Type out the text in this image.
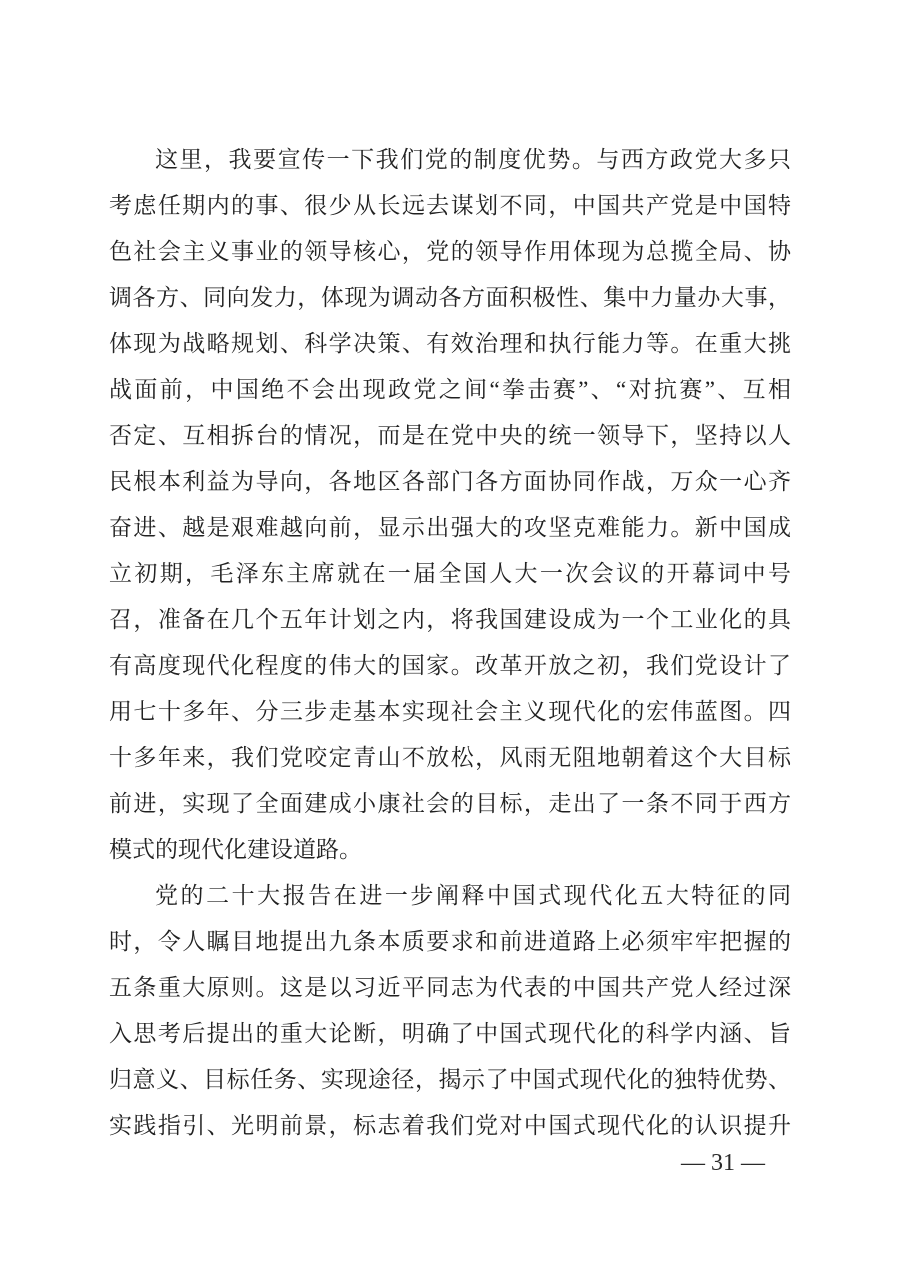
这里，我要宣传一下我们党的制度优势。与西方政党大多只
考虑任期内的事、很少从长远去谋划不同，中国共产党是中国特
色社会主义事业的领导核心，党的领导作用体现为总揽全局、协
调各方、同向发力，体现为调动各方面积极性、集中力量办大事，
体现为战略规划、科学决策、有效治理和执行能力等。在重大挑
战面前，中国绝不会出现政党之间“拳击赛”、“对抗赛”、互相
否定、互相拆台的情况，而是在党中央的统一领导下，坚持以人
民根本利益为导向，各地区各部门各方面协同作战，万众一心齐
奋进、越是艰难越向前，显示出强大的攻坚克难能力。新中国成
立初期，毛泽东主席就在一届全国人大一次会议的开幕词中号
召，准备在几个五年计划之内，将我国建设成为一个工业化的具
有高度现代化程度的伟大的国家。改革开放之初，我们党设计了
用七十多年、分三步走基本实现社会主义现代化的宏伟蓝图。四
十多年来，我们党咬定青山不放松，风雨无阻地朝着这个大目标
前进，实现了全面建成小康社会的目标，走出了一条不同于西方
模式的现代化建设道路。
党的二十大报告在进一步阐释中国式现代化五大特征的同
时，令人瞩目地提出九条本质要求和前进道路上必须牢牢把握的
五条重大原则。这是以习近平同志为代表的中国共产党人经过深
入思考后提出的重大论断，明确了中国式现代化的科学内涵、旨
归意义、目标任务、实现途径，揭示了中国式现代化的独特优势、
实践指引、光明前景，标志着我们党对中国式现代化的认识提升
— 31 —
